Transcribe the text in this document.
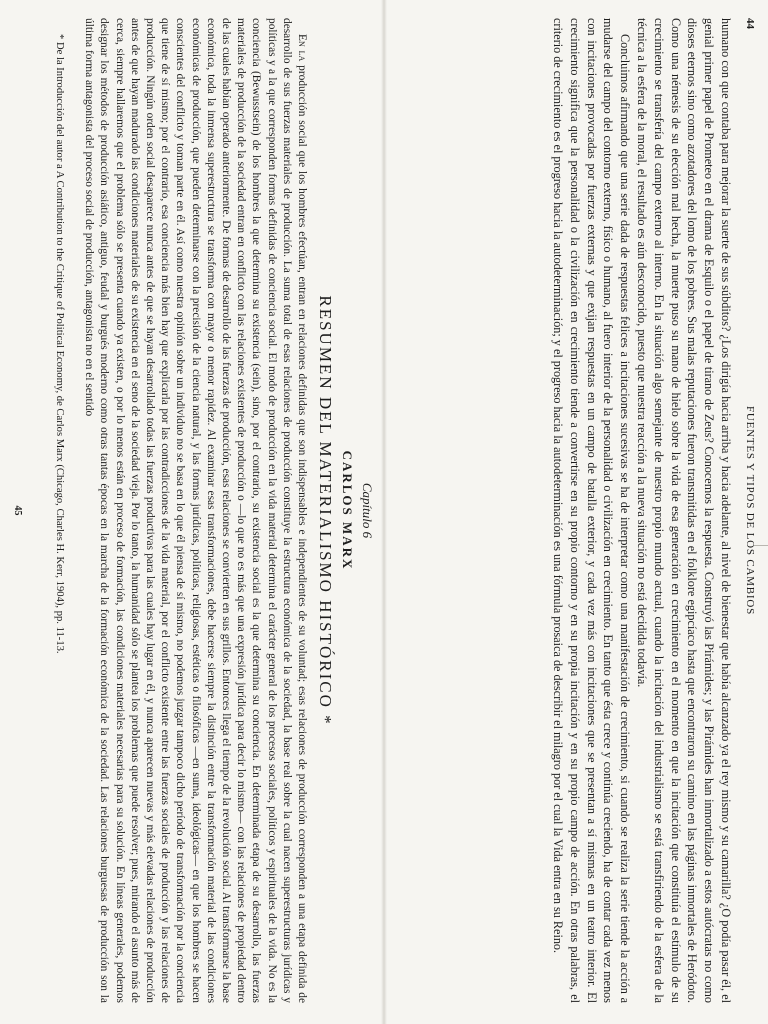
44
FUENTES Y TIPOS DE LOS CAMBIOS

humano con que contaba para mejorar la suerte de sus súbditos? ¿Los dirigía hacia arriba y hacia adelante, al nivel de bienestar que había alcanzado ya el rey mismo y su camarilla? ¿O podía pasar él, el genial primer papel de Prometeo en el drama de Esquilo o el papel de tirano de Zeus? Conocemos la respuesta. Construyó las Pirámides; y las Pirámides han inmortalizado a estos autócratas no como dioses eternos sino como azotadores del lomo de los pobres. Sus malas reputaciones fueron transmitidas en el folklore egipcíaco hasta que encontraron su camino en las páginas inmortales de Heródoto. Como una némesis de su elección mal hecha, la muerte puso su mano de hielo sobre la vida de esa generación en crecimiento en el momento en que la incitación que constituía el estímulo de su crecimiento se transfería del campo externo al interno. En la situación algo semejante de nuestro propio mundo actual, cuando la incitación del industrialismo se está transfiriendo de la esfera de la técnica a la esfera de la moral, el resultado es aún desconocido, puesto que nuestra reacción a la nueva situación no está decidida todavía.

Concluimos afirmando que una serie dada de respuestas felices a incitaciones sucesivas se ha de interpretar como una manifestación de crecimiento, si cuando se realiza la serie tiende la acción a mudarse del campo del contorno externo, físico o humano, al fuero interior de la personalidad o civilización en crecimiento. En tanto que ésta crece y continúa creciendo, ha de contar cada vez menos con incitaciones provocadas por fuerzas externas y que exijan respuestas en un campo de batalla exterior, y cada vez más con incitaciones que se presentan a sí mismas en un teatro interior. El crecimiento significa que la personalidad o la civilización en crecimiento tiende a convertirse en su propio contorno y en su propia incitación y en su propio campo de acción. En otras palabras, el criterio de crecimiento es el progreso hacia la autodeterminación; y el progreso hacia la autodeterminación es una fórmula prosaica de describir el milagro por el cual la Vida entra en su Reino.

Capítulo 6
CARLOS MARX
RESUMEN DEL MATERIALISMO HISTÓRICO *

En la producción social que los hombres efectúan, entran en relaciones definidas que son indispensables e independientes de su voluntad; esas relaciones de producción corresponden a una etapa definida de desarrollo de sus fuerzas materiales de producción. La suma total de esas relaciones de producción constituye la estructura económica de la sociedad, la base real sobre la cual nacen superestructuras jurídicas y políticas y a la que corresponden formas definidas de conciencia social. El modo de producción en la vida material determina el carácter general de los procesos sociales, políticos y espirituales de la vida. No es la conciencia (Bewusstsein) de los hombres la que determina su existencia (sein), sino, por el contrario, su existencia social es la que determina su conciencia. En determinada etapa de su desarrollo, las fuerzas materiales de producción de la sociedad entran en conflicto con las relaciones existentes de producción o —lo que no es más que una expresión jurídica para decir lo mismo— con las relaciones de propiedad dentro de las cuales habían operado anteriormente. De formas de desarrollo de las fuerzas de producción, esas relaciones se convierten en sus grillos. Entonces llega el tiempo de la revolución social. Al transformarse la base económica, toda la inmensa superestructura se transforma con mayor o menor rapidez. Al examinar esas transformaciones, debe hacerse siempre la distinción entre la transformación material de las condiciones económicas de producción, que pueden determinarse con la precisión de la ciencia natural, y las formas jurídicas, políticas, religiosas, estéticas o filosóficas —en suma, ideológicas— en que los hombres se hacen conscientes del conflicto y toman parte en él. Así como nuestra opinión sobre un individuo no se basa en lo que él piensa de sí mismo, no podemos juzgar tampoco dicho período de transformación por la conciencia que tiene de sí mismo; por el contrario, esa conciencia más bien hay que explicarla por las contradicciones de la vida material, por el conflicto existente entre las fuerzas sociales de producción y las relaciones de producción. Ningún orden social desaparece nunca antes de que se hayan desarrollado todas las fuerzas productivas para las cuales hay lugar en él, y nunca aparecen nuevas y más elevadas relaciones de producción antes de que hayan madurado las condiciones materiales de su existencia en el seno de la sociedad vieja. Por lo tanto, la humanidad sólo se plantea los problemas que puede resolver; pues, mirando el asunto más de cerca, siempre hallaremos que el problema sólo se presenta cuando ya existen, o por lo menos están en proceso de formación, las condiciones materiales necesarias para su solución. En líneas generales, podemos designar los métodos de producción asiático, antiguo, feudal y burgués moderno como otras tantas épocas en la marcha de la formación económica de la sociedad. Las relaciones burguesas de producción son la última forma antagonista del proceso social de producción, antagonista no en el sentido

* De la Introducción del autor a A Contribution to the Critique of Political Economy, de Carlos Marx (Chicago, Charles H. Kerr, 1904), pp. 11-13.
45
